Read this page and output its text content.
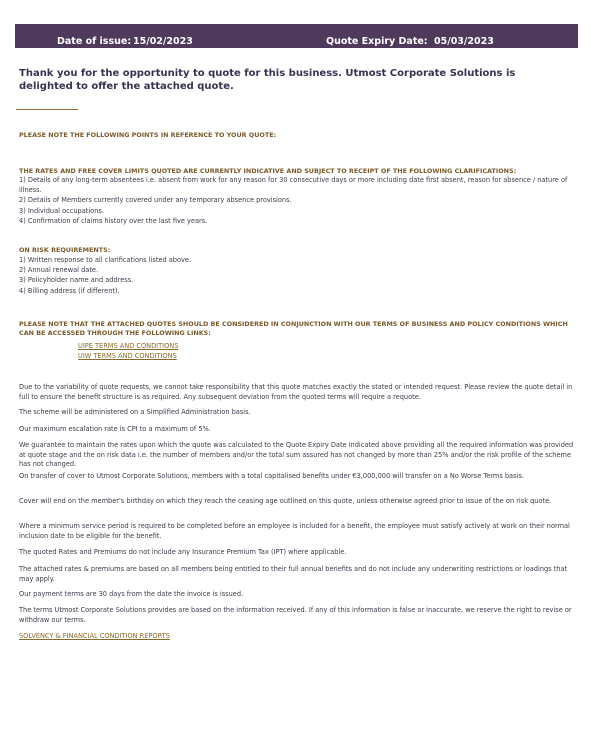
Date of issue: 15/02/2023	Quote Expiry Date: 05/03/2023
Thank you for the opportunity to quote for this business. Utmost Corporate Solutions is delighted to offer the attached quote.
PLEASE NOTE THE FOLLOWING POINTS IN REFERENCE TO YOUR QUOTE:
THE RATES AND FREE COVER LIMITS QUOTED ARE CURRENTLY INDICATIVE AND SUBJECT TO RECEIPT OF THE FOLLOWING CLARIFICATIONS:
1) Details of any long-term absentees i.e. absent from work for any reason for 30 consecutive days or more including date first absent, reason for absence / nature of illness.
2) Details of Members currently covered under any temporary absence provisions.
3) Individual occupations.
4) Confirmation of claims history over the last five years.
ON RISK REQUIREMENTS:
1) Written response to all clarifications listed above.
2) Annual renewal date.
3) Policyholder name and address.
4) Billing address (if different).
PLEASE NOTE THAT THE ATTACHED QUOTES SHOULD BE CONSIDERED IN CONJUNCTION WITH OUR TERMS OF BUSINESS AND POLICY CONDITIONS WHICH CAN BE ACCESSED THROUGH THE FOLLOWING LINKS:
UIPE TERMS AND CONDITIONS
UIW TERMS AND CONDITIONS
Due to the variability of quote requests, we cannot take responsibility that this quote matches exactly the stated or intended request. Please review the quote detail in full to ensure the benefit structure is as required. Any subsequent deviation from the quoted terms will require a requote.
The scheme will be administered on a Simplified Administration basis.
Our maximum escalation rate is CPI to a maximum of 5%.
We guarantee to maintain the rates upon which the quote was calculated to the Quote Expiry Date indicated above providing all the required information was provided at quote stage and the on risk data i.e. the number of members and/or the total sum assured has not changed by more than 25% and/or the risk profile of the scheme has not changed.
On transfer of cover to Utmost Corporate Solutions, members with a total capitalised benefits under €3,000,000 will transfer on a No Worse Terms basis.
Cover will end on the member's birthday on which they reach the ceasing age outlined on this quote, unless otherwise agreed prior to issue of the on risk quote.
Where a minimum service period is required to be completed before an employee is included for a benefit, the employee must satisfy actively at work on their normal inclusion date to be eligible for the benefit.
The quoted Rates and Premiums do not include any Insurance Premium Tax (IPT) where applicable.
The attached rates & premiums are based on all members being entitled to their full annual benefits and do not include any underwriting restrictions or loadings that may apply.
Our payment terms are 30 days from the date the invoice is issued.
The terms Utmost Corporate Solutions provides are based on the information received. If any of this information is false or inaccurate, we reserve the right to revise or withdraw our terms.
SOLVENCY & FINANCIAL CONDITION REPORTS
